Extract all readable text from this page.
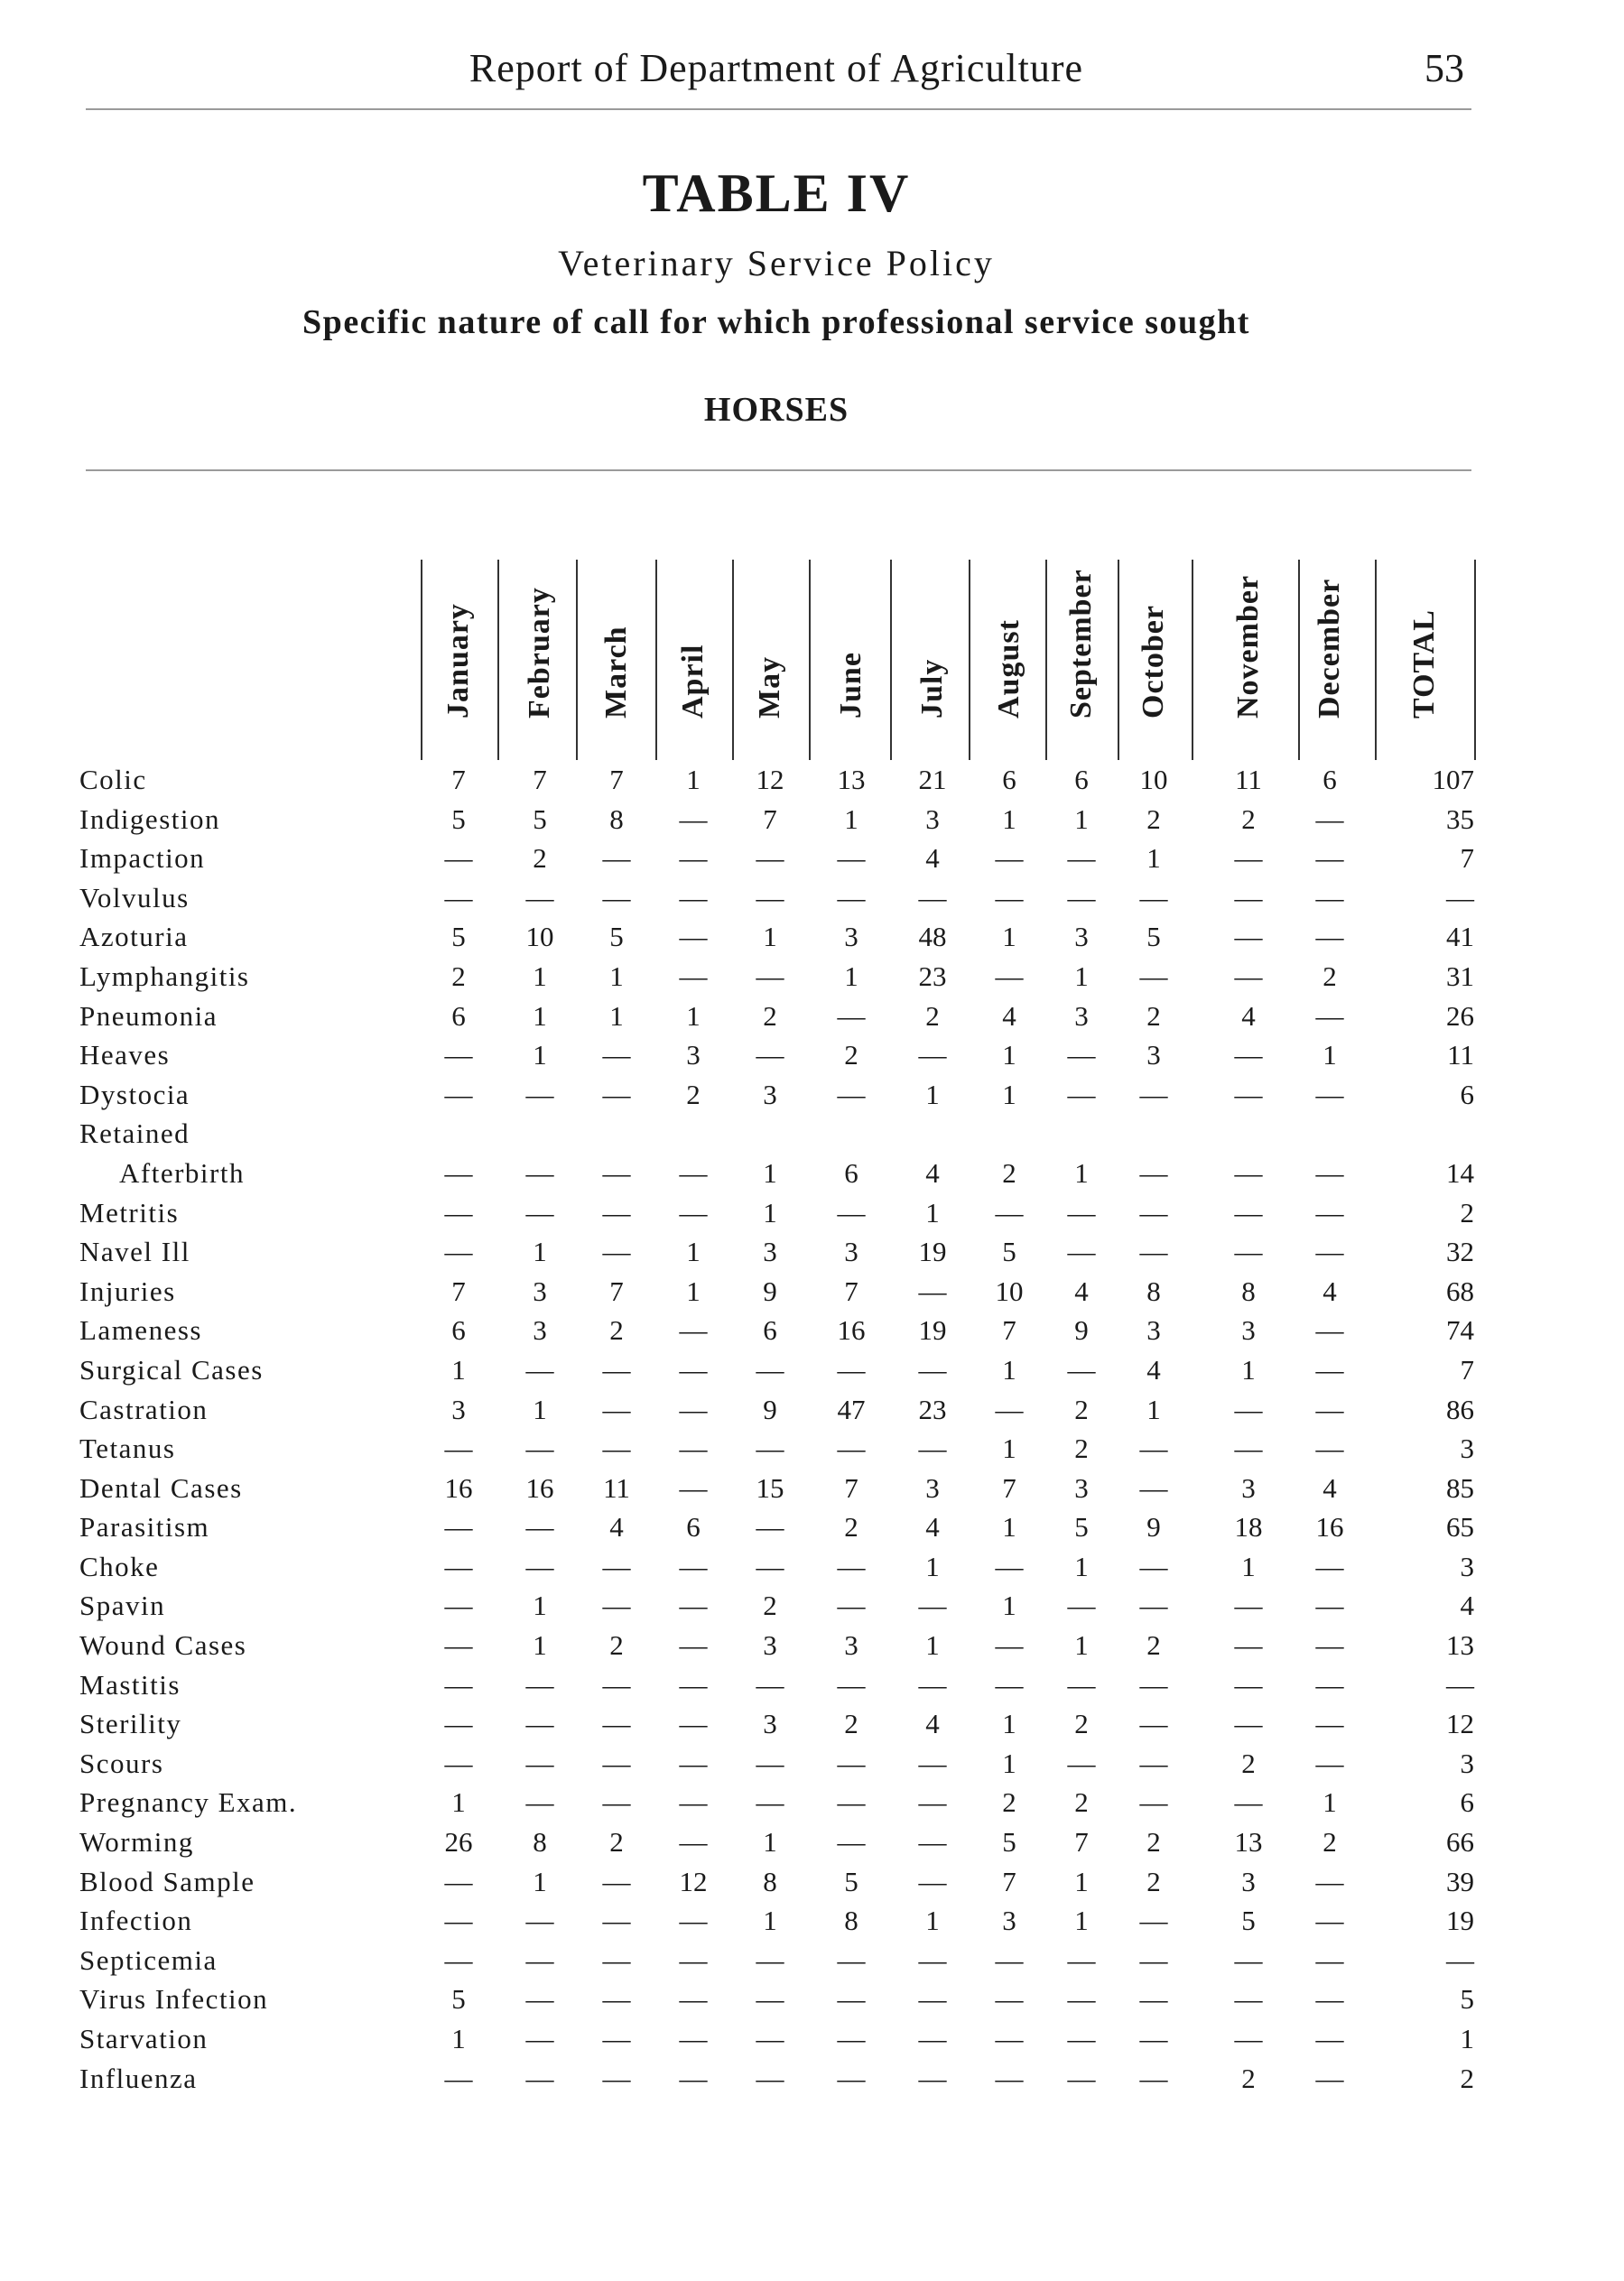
Report of Department of Agriculture	53
TABLE IV
Veterinary Service Policy
Specific nature of call for which professional service sought
HORSES
January February March April May June July August September October November December TOTAL
Colic	7	7	7	1	12	13	21	6	6	10	11	6	107
Indigestion	5	5	8	—	7	1	3	1	1	2	2	—	35
Impaction	—	2	—	—	—	—	4	—	—	1	—	—	7
Volvulus	—	—	—	—	—	—	—	—	—	—	—	—	—
Azoturia	5	10	5	—	1	3	48	1	3	5	—	—	41
Lymphangitis	2	1	1	—	—	1	23	—	1	—	—	2	31
Pneumonia	6	1	1	1	2	—	2	4	3	2	4	—	26
Heaves	—	1	—	3	—	2	—	1	—	3	—	1	11
Dystocia	—	—	—	2	3	—	1	1	—	—	—	—	6
Retained
Afterbirth	—	—	—	—	1	6	4	2	1	—	—	—	14
Metritis	—	—	—	—	1	—	1	—	—	—	—	—	2
Navel Ill	—	1	—	1	3	3	19	5	—	—	—	—	32
Injuries	7	3	7	1	9	7	—	10	4	8	8	4	68
Lameness	6	3	2	—	6	16	19	7	9	3	3	—	74
Surgical Cases	1	—	—	—	—	—	—	1	—	4	1	—	7
Castration	3	1	—	—	9	47	23	—	2	1	—	—	86
Tetanus	—	—	—	—	—	—	—	1	2	—	—	—	3
Dental Cases	16	16	11	—	15	7	3	7	3	—	3	4	85
Parasitism	—	—	4	6	—	2	4	1	5	9	18	16	65
Choke	—	—	—	—	—	—	1	—	1	—	1	—	3
Spavin	—	1	—	—	2	—	—	1	—	—	—	—	4
Wound Cases	—	1	2	—	3	3	1	—	1	2	—	—	13
Mastitis	—	—	—	—	—	—	—	—	—	—	—	—	—
Sterility	—	—	—	—	3	2	4	1	2	—	—	—	12
Scours	—	—	—	—	—	—	—	1	—	—	2	—	3
Pregnancy Exam.	1	—	—	—	—	—	—	2	2	—	—	1	6
Worming	26	8	2	—	1	—	—	5	7	2	13	2	66
Blood Sample	—	1	—	12	8	5	—	7	1	2	3	—	39
Infection	—	—	—	—	1	8	1	3	1	—	5	—	19
Septicemia	—	—	—	—	—	—	—	—	—	—	—	—	—
Virus Infection	5	—	—	—	—	—	—	—	—	—	—	—	5
Starvation	1	—	—	—	—	—	—	—	—	—	—	—	1
Influenza	—	—	—	—	—	—	—	—	—	—	2	—	2
